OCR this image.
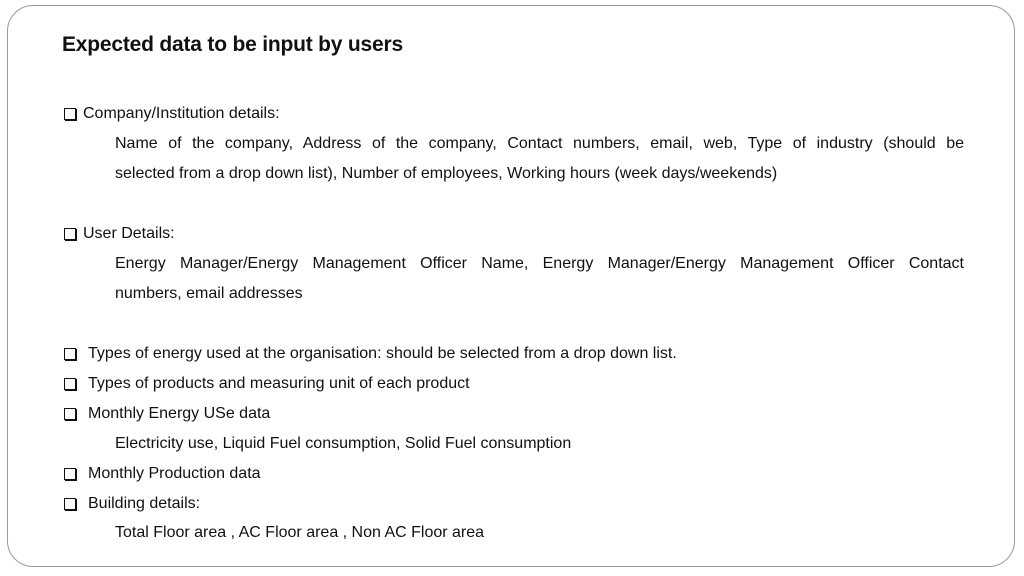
Expected data to be input by users
Company/Institution details:
Name of the company, Address of the company, Contact numbers, email, web, Type of industry (should be
selected from a drop down list), Number of employees, Working hours (week days/weekends)
User Details:
Energy Manager/Energy Management Officer Name, Energy Manager/Energy Management Officer Contact
numbers, email addresses
Types of energy used at the organisation: should be selected from a drop down list.
Types of products and measuring unit of each product
Monthly Energy USe data
Electricity use, Liquid Fuel consumption, Solid Fuel consumption
Monthly Production data
Building details:
Total Floor area , AC Floor area , Non AC Floor area
